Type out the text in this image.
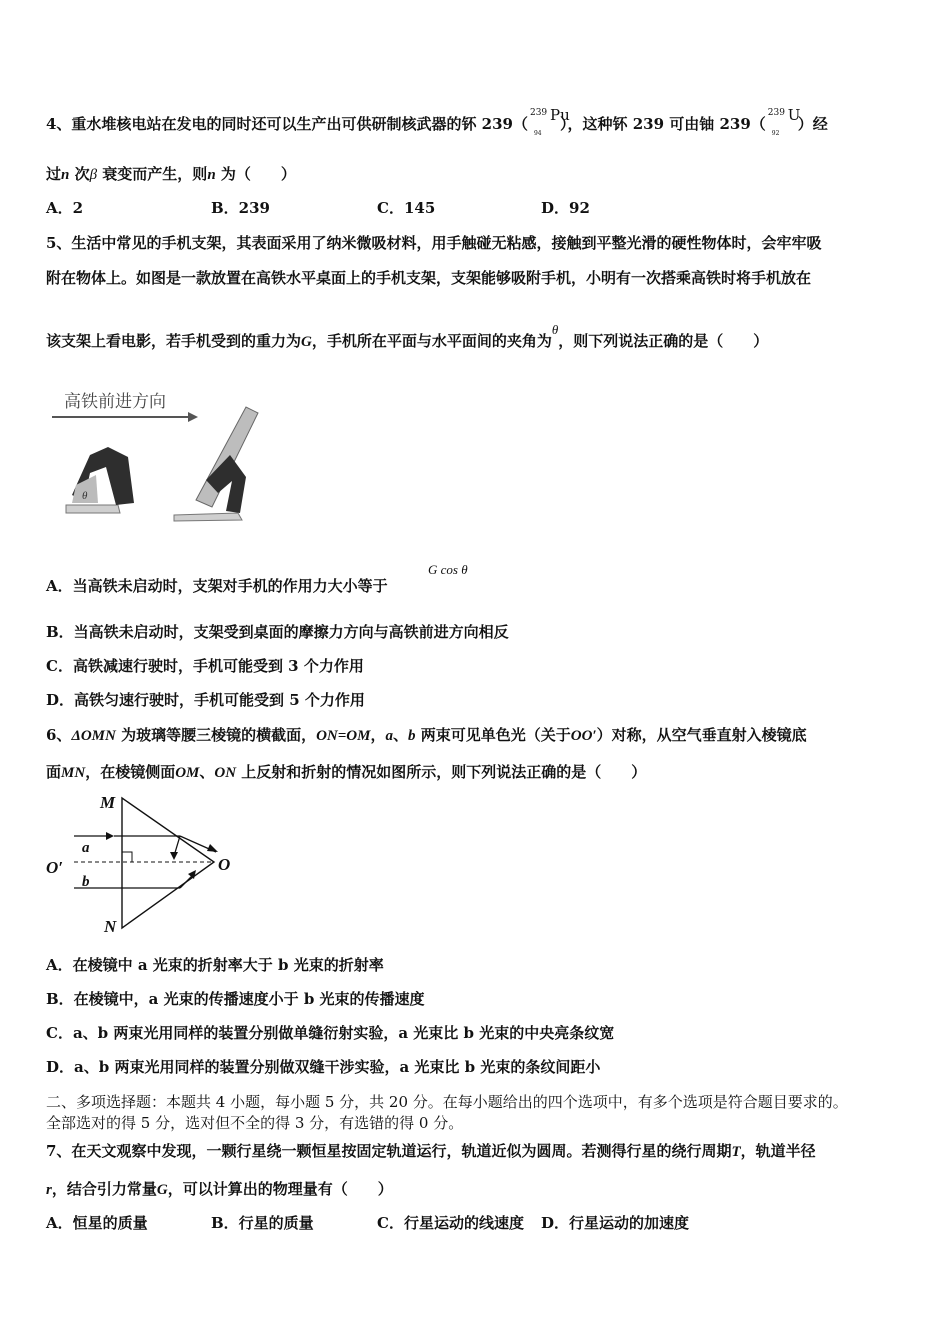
4、重水堆核电站在发电的同时还可以生产出可供研制核武器的钚 239（
239
94
Pu
），这种钚 239 可由铀 239（
239
92
U
）经
过n 次β 衰变而产生，则n 为（　　）
A．2	B．239	C．145	D．92
5、生活中常见的手机支架，其表面采用了纳米微吸材料，用手触碰无粘感，接触到平整光滑的硬性物体时，会牢牢吸
附在物体上。如图是一款放置在高铁水平桌面上的手机支架，支架能够吸附手机，小明有一次搭乘高铁时将手机放在
该支架上看电影，若手机受到的重力为G，手机所在平面与水平面间的夹角为θ，则下列说法正确的是（　　）
高铁前进方向
θ
A．当高铁未启动时，支架对手机的作用力大小等于
G cos θ
B．当高铁未启动时，支架受到桌面的摩擦力方向与高铁前进方向相反
C．高铁减速行驶时，手机可能受到 3 个力作用
D．高铁匀速行驶时，手机可能受到 5 个力作用
6、ΔOMN 为玻璃等腰三棱镜的横截面，ON=OM，a、b 两束可见单色光（关于OO′）对称，从空气垂直射入棱镜底
面MN，在棱镜侧面OM、ON 上反射和折射的情况如图所示，则下列说法正确的是（　　）
M
N
O
O′
a
b
A．在棱镜中 a 光束的折射率大于 b 光束的折射率
B．在棱镜中，a 光束的传播速度小于 b 光束的传播速度
C．a、b 两束光用同样的装置分别做单缝衍射实验，a 光束比 b 光束的中央亮条纹宽
D．a、b 两束光用同样的装置分别做双缝干涉实验，a 光束比 b 光束的条纹间距小
二、多项选择题：本题共 4 小题，每小题 5 分，共 20 分。在每小题给出的四个选项中，有多个选项是符合题目要求的。
全部选对的得 5 分，选对但不全的得 3 分，有选错的得 0 分。
7、在天文观察中发现，一颗行星绕一颗恒星按固定轨道运行，轨道近似为圆周。若测得行星的绕行周期T，轨道半径
r，结合引力常量G，可以计算出的物理量有（　　）
A．恒星的质量	B．行星的质量	C．行星运动的线速度 D．行星运动的加速度
